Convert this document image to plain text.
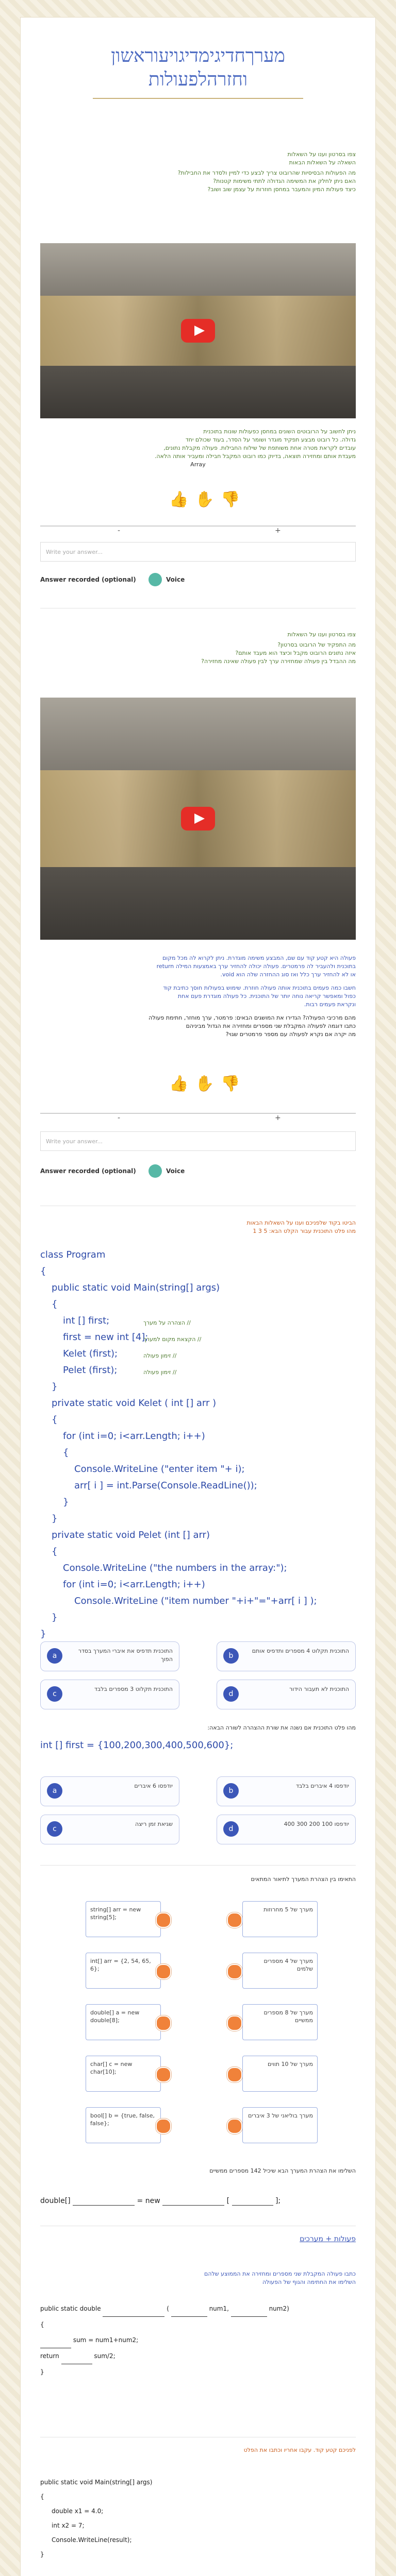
מערךחדיגימדיגויעוראשון
וחזרהלפעולות
צפו בסרטון וענו על השאלות
השאלה על השאלות הבאות
מה הפעולות הבסיסיות שהרובוט צריך לבצע כדי למיין ולסדר את החבילות?
האם ניתן לחלק את המשימה הגדולה לתתי משימות קטנות?
כיצד פעולות המיון והמעבר במחסן חוזרות על עצמן שוב ושוב?
ניתן לחשוב על הרובוטים השונים במחסן כפעולות שונות בתוכנית
גדולה. כל רובוט מבצע תפקיד מוגדר ושומר על הסדר, בעוד שכולם יחד
עובדים לקראת מטרה אחת משותפת של שילוח החבילות. פעולה מקבלת נתונים,
מעבדת אותם ומחזירה תוצאה, בדיוק כמו רובוט המקבל חבילה ומעביר אותה הלאה.
Array
👍 ✋ 👎
-	+
Write your answer...
Answer recorded (optional)	Voice
צפו בסרטון וענו על השאלות
מה התפקיד של הרובוט בסרטון?
איזה נתונים הרובוט מקבל וכיצד הוא מעבד אותם?
מה ההבדל בין פעולה שמחזירה ערך לבין פעולה שאינה מחזירה?
פעולה היא קטע קוד עם שם, המבצע משימה מוגדרת. ניתן לקרוא לה מכל מקום
בתוכנית ולהעביר לה פרמטרים. פעולה יכולה להחזיר ערך באמצעות המילה return
או לא להחזיר ערך כלל ואז סוג ההחזרה שלה הוא void.
חשבו כמה פעמים בתוכנית אותה פעולה חוזרת. שימוש בפעולות חוסך כתיבת קוד
כפול ומאפשר קריאה נוחה יותר של התוכנית. כל פעולה מוגדרת פעם אחת
ונקראת פעמים רבות.
מהם מרכיבי הפעולה? הגדירו את המושגים הבאים: פרמטר, ערך מוחזר, חתימת פעולה
כתבו דוגמה לפעולה המקבלת שני מספרים ומחזירה את הגדול מביניהם
מה יקרה אם נקרא לפעולה עם מספר פרמטרים שגוי?
👍 ✋ 👎
-	+
Write your answer...
Answer recorded (optional)	Voice
הביטו בקוד שלפניכם וענו על השאלות הבאות
מהו פלט התוכנית עבור הקלט הבא: 5 3 1
class Program
{
public static void Main(string[] args)
{
int [] first;
first = new int [4];
Kelet (first);
Pelet (first);
}
private static void Kelet ( int [] arr )
{
for (int i=0; i<arr.Length; i++)
{
Console.WriteLine ("enter item "+ i);
arr[ i ] = int.Parse(Console.ReadLine());
}
}
private static void Pelet (int [] arr)
{
Console.WriteLine ("the numbers in the array:");
for (int i=0; i<arr.Length; i++)
Console.WriteLine ("item number "+i+"="+arr[ i ] );
}
}
// הצהרה על מערך
// הקצאת מקום למערך
// זימון פעולה
// זימון פעולה
a
התוכנית תדפיס את איברי המערך בסדר הפוך	b
התוכנית תקלוט 4 מספרים ותדפיס אותם
c
התוכנית תקלוט 3 מספרים בלבד
d
התוכנית לא תעבור הידור
מהו פלט התוכנית אם נשנה את שורת ההצהרה לשורה הבאה:
int [] first = {100,200,300,400,500,600};
a
יודפסו 6 איברים
b
יודפסו 4 איברים בלבד
c
שגיאת זמן ריצה
d
יודפסו 100 200 300 400
התאימו בין הצהרת המערך לתיאור המתאים
string[] arr = new string[5];
מערך של 5 מחרוזות
int[] arr = {2, 54, 65, 6};
מערך של 4 מספרים שלמים
double[] a = new double[8];
מערך של 8 מספרים ממשיים
char[] c = new char[10];
מערך של 10 תווים
bool[] b = {true, false, false};
מערך בוליאני של 3 איברים
השלימו את הצהרת המערך הבא שיכיל 142 מספרים ממשיים
double[]	= new	[	];
פעולות + מערכים
כתבו פעולה המקבלת שני מספרים ומחזירה את הממוצע שלהם
השלימו את החתימה והגוף של הפעולה
public static double	(	num1,	num2)
{
sum = num1+num2;
return	sum/2;
}
לפניכם קטע קוד. עקבו אחריו וכתבו את הפלט
public static void Main(string[] args)
{
double x1 = 4.0;
int x2 = 7;
Console.WriteLine(result);
}
